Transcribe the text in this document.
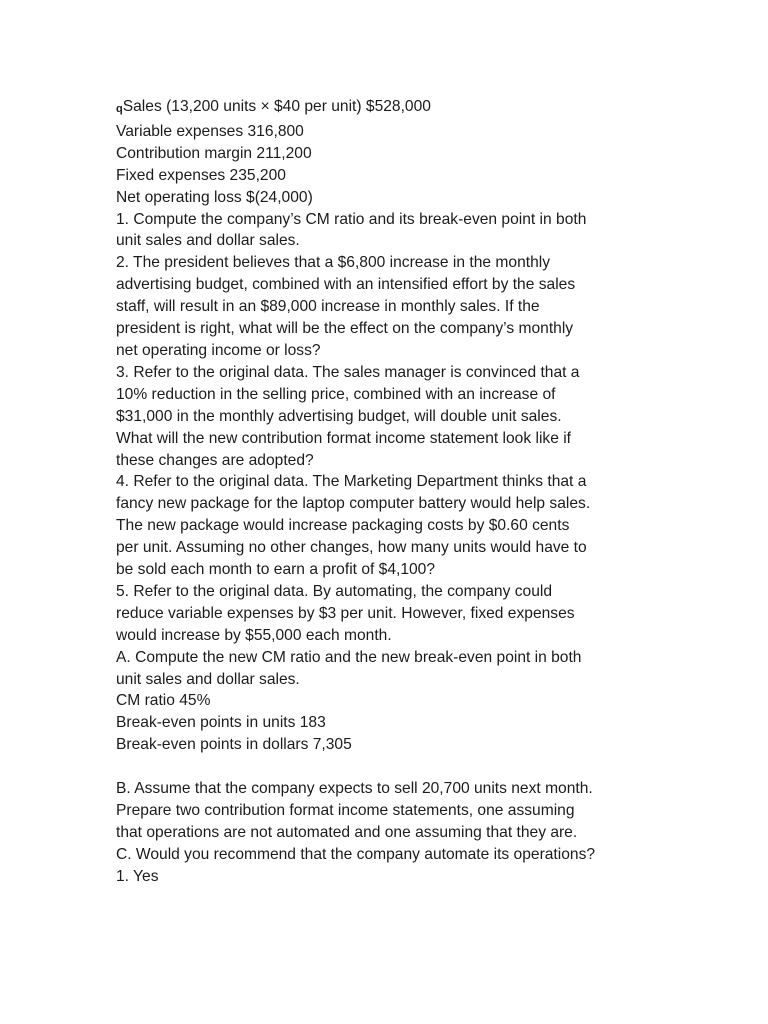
qSales (13,200 units × $40 per unit) $528,000
Variable expenses 316,800
Contribution margin 211,200
Fixed expenses 235,200
Net operating loss $(24,000)
1. Compute the company’s CM ratio and its break-even point in both
unit sales and dollar sales.
2. The president believes that a $6,800 increase in the monthly
advertising budget, combined with an intensified effort by the sales
staff, will result in an $89,000 increase in monthly sales. If the
president is right, what will be the effect on the company’s monthly
net operating income or loss?
3. Refer to the original data. The sales manager is convinced that a
10% reduction in the selling price, combined with an increase of
$31,000 in the monthly advertising budget, will double unit sales.
What will the new contribution format income statement look like if
these changes are adopted?
4. Refer to the original data. The Marketing Department thinks that a
fancy new package for the laptop computer battery would help sales.
The new package would increase packaging costs by $0.60 cents
per unit. Assuming no other changes, how many units would have to
be sold each month to earn a profit of $4,100?
5. Refer to the original data. By automating, the company could
reduce variable expenses by $3 per unit. However, fixed expenses
would increase by $55,000 each month.
A. Compute the new CM ratio and the new break-even point in both
unit sales and dollar sales.
CM ratio 45%
Break-even points in units 183
Break-even points in dollars 7,305
B. Assume that the company expects to sell 20,700 units next month.
Prepare two contribution format income statements, one assuming
that operations are not automated and one assuming that they are.
C. Would you recommend that the company automate its operations?
1. Yes
